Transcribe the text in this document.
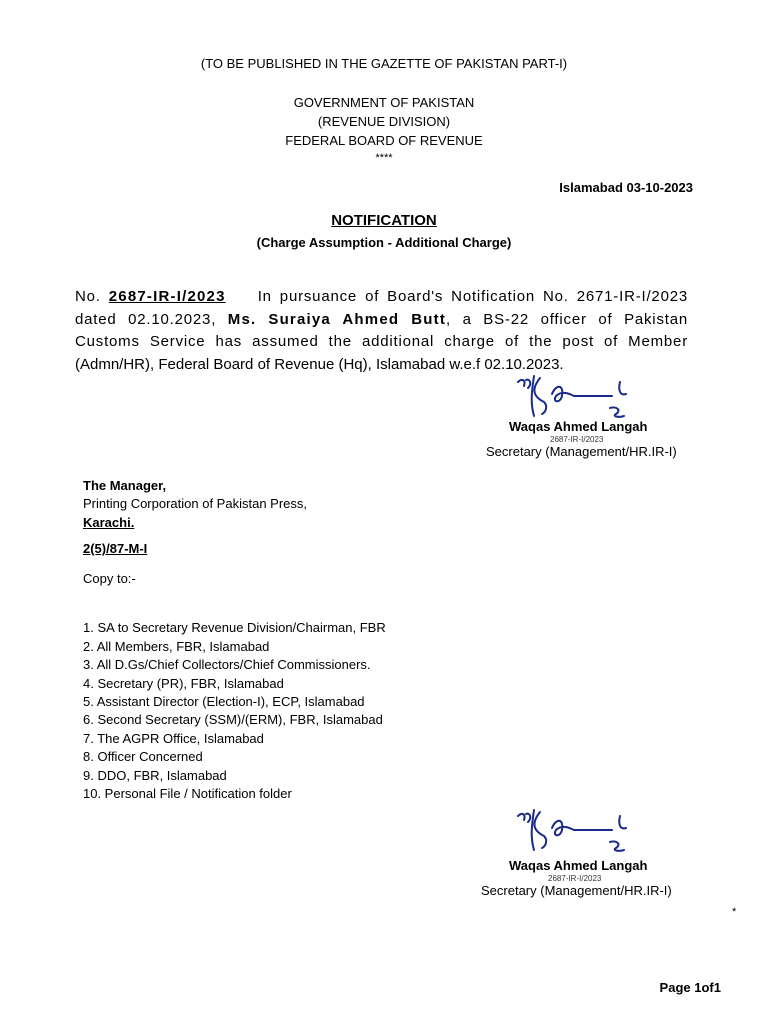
(TO BE PUBLISHED IN THE GAZETTE OF PAKISTAN PART-I)
GOVERNMENT OF PAKISTAN
(REVENUE DIVISION)
FEDERAL BOARD OF REVENUE
****
Islamabad 03-10-2023
NOTIFICATION
(Charge Assumption - Additional Charge)
No. 2687-IR-I/2023 In pursuance of Board's Notification No. 2671-IR-I/2023 dated 02.10.2023, Ms. Suraiya Ahmed Butt, a BS-22 officer of Pakistan Customs Service has assumed the additional charge of the post of Member (Admn/HR), Federal Board of Revenue (Hq), Islamabad w.e.f 02.10.2023.
Waqas Ahmed Langah
2687-IR-I/2023
Secretary (Management/HR.IR-I)
The Manager,
Printing Corporation of Pakistan Press,
Karachi.
2(5)/87-M-I
Copy to:-
1. SA to Secretary Revenue Division/Chairman, FBR
2. All Members, FBR, Islamabad
3. All D.Gs/Chief Collectors/Chief Commissioners.
4. Secretary (PR), FBR, Islamabad
5. Assistant Director (Election-I), ECP, Islamabad
6. Second Secretary (SSM)/(ERM), FBR, Islamabad
7. The AGPR Office, Islamabad
8. Officer Concerned
9. DDO, FBR, Islamabad
10. Personal File / Notification folder
Waqas Ahmed Langah
2687-IR-I/2023
Secretary (Management/HR.IR-I)
*
Page 1of1
